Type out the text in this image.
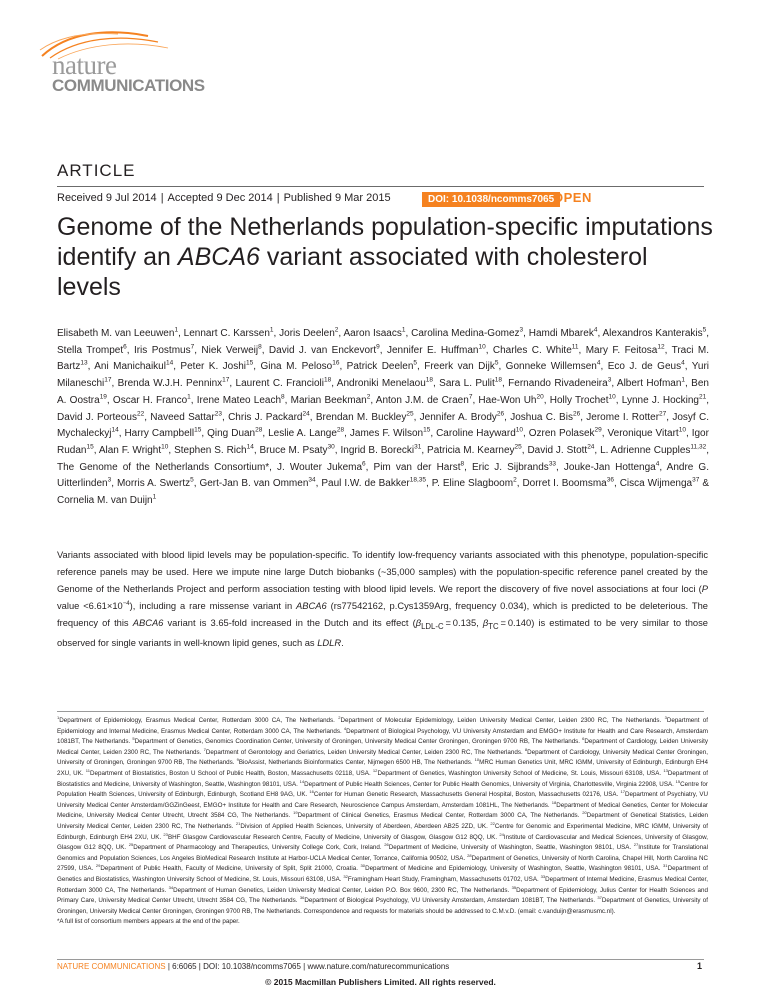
nature
COMMUNICATIONS
ARTICLE
Received 9 Jul 2014 | Accepted 9 Dec 2014 | Published 9 Mar 2015	DOI: 10.1038/ncomms7065
OPEN
Genome of the Netherlands population-specific imputations identify an ABCA6 variant associated with cholesterol levels
Elisabeth M. van Leeuwen$^1$, Lennart C. Karssen$^1$, Joris Deelen$^2$, Aaron Isaacs$^1$, Carolina Medina-Gomez$^3$, Hamdi Mbarek$^4$, Alexandros Kanterakis$^5$, Stella Trompet$^6$, Iris Postmus$^7$, Niek Verweij$^8$, David J. van Enckevort$^9$, Jennifer E. Huffman$^{10}$, Charles C. White$^{11}$, Mary F. Feitosa$^{12}$, Traci M. Bartz$^{13}$, Ani Manichaikul$^{14}$, Peter K. Joshi$^{15}$, Gina M. Peloso$^{16}$, Patrick Deelen$^5$, Freerk van Dijk$^5$, Gonneke Willemsen$^4$, Eco J. de Geus$^4$, Yuri Milaneschi$^{17}$, Brenda W.J.H. Penninx$^{17}$, Laurent C. Francioli$^{18}$, Androniki Menelaou$^{18}$, Sara L. Pulit$^{18}$, Fernando Rivadeneira$^3$, Albert Hofman$^1$, Ben A. Oostra$^{19}$, Oscar H. Franco$^1$, Irene Mateo Leach$^8$, Marian Beekman$^2$, Anton J.M. de Craen$^7$, Hae-Won Uh$^{20}$, Holly Trochet$^{10}$, Lynne J. Hocking$^{21}$, David J. Porteous$^{22}$, Naveed Sattar$^{23}$, Chris J. Packard$^{24}$, Brendan M. Buckley$^{25}$, Jennifer A. Brody$^{26}$, Joshua C. Bis$^{26}$, Jerome I. Rotter$^{27}$, Josyf C. Mychaleckyj$^{14}$, Harry Campbell$^{15}$, Qing Duan$^{28}$, Leslie A. Lange$^{28}$, James F. Wilson$^{15}$, Caroline Hayward$^{10}$, Ozren Polasek$^{29}$, Veronique Vitart$^{10}$, Igor Rudan$^{15}$, Alan F. Wright$^{10}$, Stephen S. Rich$^{14}$, Bruce M. Psaty$^{30}$, Ingrid B. Borecki$^{31}$, Patricia M. Kearney$^{25}$, David J. Stott$^{24}$, L. Adrienne Cupples$^{11,32}$, The Genome of the Netherlands Consortium*, J. Wouter Jukema$^6$, Pim van der Harst$^8$, Eric J. Sijbrands$^{33}$, Jouke-Jan Hottenga$^4$, Andre G. Uitterlinden$^3$, Morris A. Swertz$^5$, Gert-Jan B. van Ommen$^{34}$, Paul I.W. de Bakker$^{18,35}$, P. Eline Slagboom$^2$, Dorret I. Boomsma$^{36}$, Cisca Wijmenga$^{37}$ & Cornelia M. van Duijn$^1$
Variants associated with blood lipid levels may be population-specific. To identify low-frequency variants associated with this phenotype, population-specific reference panels may be used. Here we impute nine large Dutch biobanks (~35,000 samples) with the population-specific reference panel created by the Genome of the Netherlands Project and perform association testing with blood lipid levels. We report the discovery of five novel associations at four loci (P value $<6.61\times 10^{-4}$), including a rare missense variant in ABCA6 (rs77542162, p.Cys1359Arg, frequency 0.034), which is predicted to be deleterious. The frequency of this ABCA6 variant is 3.65-fold increased in the Dutch and its effect ($\beta_{LDL-C} = 0.135$, $\beta_{TC} = 0.140$) is estimated to be very similar to those observed for single variants in well-known lipid genes, such as LDLR.
$^1$Department of Epidemiology, Erasmus Medical Center, Rotterdam 3000 CA, The Netherlands. $^2$Department of Molecular Epidemiology, Leiden University Medical Center, Leiden 2300 RC, The Netherlands. $^3$Department of Epidemiology and Internal Medicine, Erasmus Medical Center, Rotterdam 3000 CA, The Netherlands. $^4$Department of Biological Psychology, VU University Amsterdam and EMGO+ Institute for Health and Care Research, Amsterdam 1081BT, The Netherlands. $^5$Department of Genetics, Genomics Coordination Center, University of Groningen, University Medical Center Groningen, Groningen 9700 RB, The Netherlands. $^6$Department of Cardiology, Leiden University Medical Center, Leiden 2300 RC, The Netherlands. $^7$Department of Gerontology and Geriatrics, Leiden University Medical Center, Leiden 2300 RC, The Netherlands. $^8$Department of Cardiology, University Medical Center Groningen, University of Groningen, Groningen 9700 RB, The Netherlands. $^9$BioAssist, Netherlands Bioinformatics Center, Nijmegen 6500 HB, The Netherlands. $^{10}$MRC Human Genetics Unit, MRC IGMM, University of Edinburgh, Edinburgh EH4 2XU, UK. $^{11}$Department of Biostatistics, Boston U School of Public Health, Boston, Massachusetts 02118, USA. $^{12}$Department of Genetics, Washington University School of Medicine, St. Louis, Missouri 63108, USA. $^{13}$Department of Biostatistics and Medicine, University of Washington, Seattle, Washington 98101, USA. $^{14}$Department of Public Health Sciences, Center for Public Health Genomics, University of Virginia, Charlottesville, Virginia 22908, USA. $^{15}$Centre for Population Health Sciences, University of Edinburgh, Edinburgh, Scotland EH8 9AG, UK. $^{16}$Center for Human Genetic Research, Massachusetts General Hospital, Boston, Massachusetts 02176, USA. $^{17}$Department of Psychiatry, VU University Medical Center Amsterdam/GGZinGeest, EMGO+ Institute for Health and Care Research, Neuroscience Campus Amsterdam, Amsterdam 1081HL, The Netherlands. $^{18}$Department of Medical Genetics, Center for Molecular Medicine, University Medical Center Utrecht, Utrecht 3584 CG, The Netherlands. $^{19}$Department of Clinical Genetics, Erasmus Medical Center, Rotterdam 3000 CA, The Netherlands. $^{20}$Department of Genetical Statistics, Leiden University Medical Center, Leiden 2300 RC, The Netherlands. $^{21}$Division of Applied Health Sciences, University of Aberdeen, Aberdeen AB25 2ZD, UK. $^{22}$Centre for Genomic and Experimental Medicine, MRC IGMM, University of Edinburgh, Edinburgh EH4 2XU, UK. $^{23}$BHF Glasgow Cardiovascular Research Centre, Faculty of Medicine, University of Glasgow, Glasgow G12 8QQ, UK. $^{24}$Institute of Cardiovascular and Medical Sciences, University of Glasgow, Glasgow G12 8QQ, UK. $^{25}$Department of Pharmacology and Therapeutics, University College Cork, Cork, Ireland. $^{26}$Department of Medicine, University of Washington, Seattle, Washington 98101, USA. $^{27}$Institute for Translational Genomics and Population Sciences, Los Angeles BioMedical Research Institute at Harbor-UCLA Medical Center, Torrance, California 90502, USA. $^{28}$Department of Genetics, University of North Carolina, Chapel Hill, North Carolina NC 27599, USA. $^{29}$Department of Public Health, Faculty of Medicine, University of Split, Split 21000, Croatia. $^{30}$Department of Medicine and Epidemiology, University of Washington, Seattle, Washington 98101, USA. $^{31}$Department of Genetics and Biostatistics, Washington University School of Medicine, St. Louis, Missouri 63108, USA. $^{32}$Framingham Heart Study, Framingham, Massachusetts 01702, USA. $^{33}$Department of Internal Medicine, Erasmus Medical Center, Rotterdam 3000 CA, The Netherlands. $^{34}$Department of Human Genetics, Leiden University Medical Center, Leiden P.O. Box 9600, 2300 RC, The Netherlands. $^{35}$Department of Epidemiology, Julius Center for Health Sciences and Primary Care, University Medical Center Utrecht, Utrecht 3584 CG, The Netherlands. $^{36}$Department of Biological Psychology, VU University Amsterdam, Amsterdam 1081BT, The Netherlands. $^{37}$Department of Genetics, University of Groningen, University Medical Center Groningen, Groningen 9700 RB, The Netherlands. Correspondence and requests for materials should be addressed to C.M.v.D. (email: c.vanduijn@erasmusmc.nl).
*A full list of consortium members appears at the end of the paper.
NATURE COMMUNICATIONS | 6:6065 | DOI: 10.1038/ncomms7065 | www.nature.com/naturecommunications	1
© 2015 Macmillan Publishers Limited. All rights reserved.
